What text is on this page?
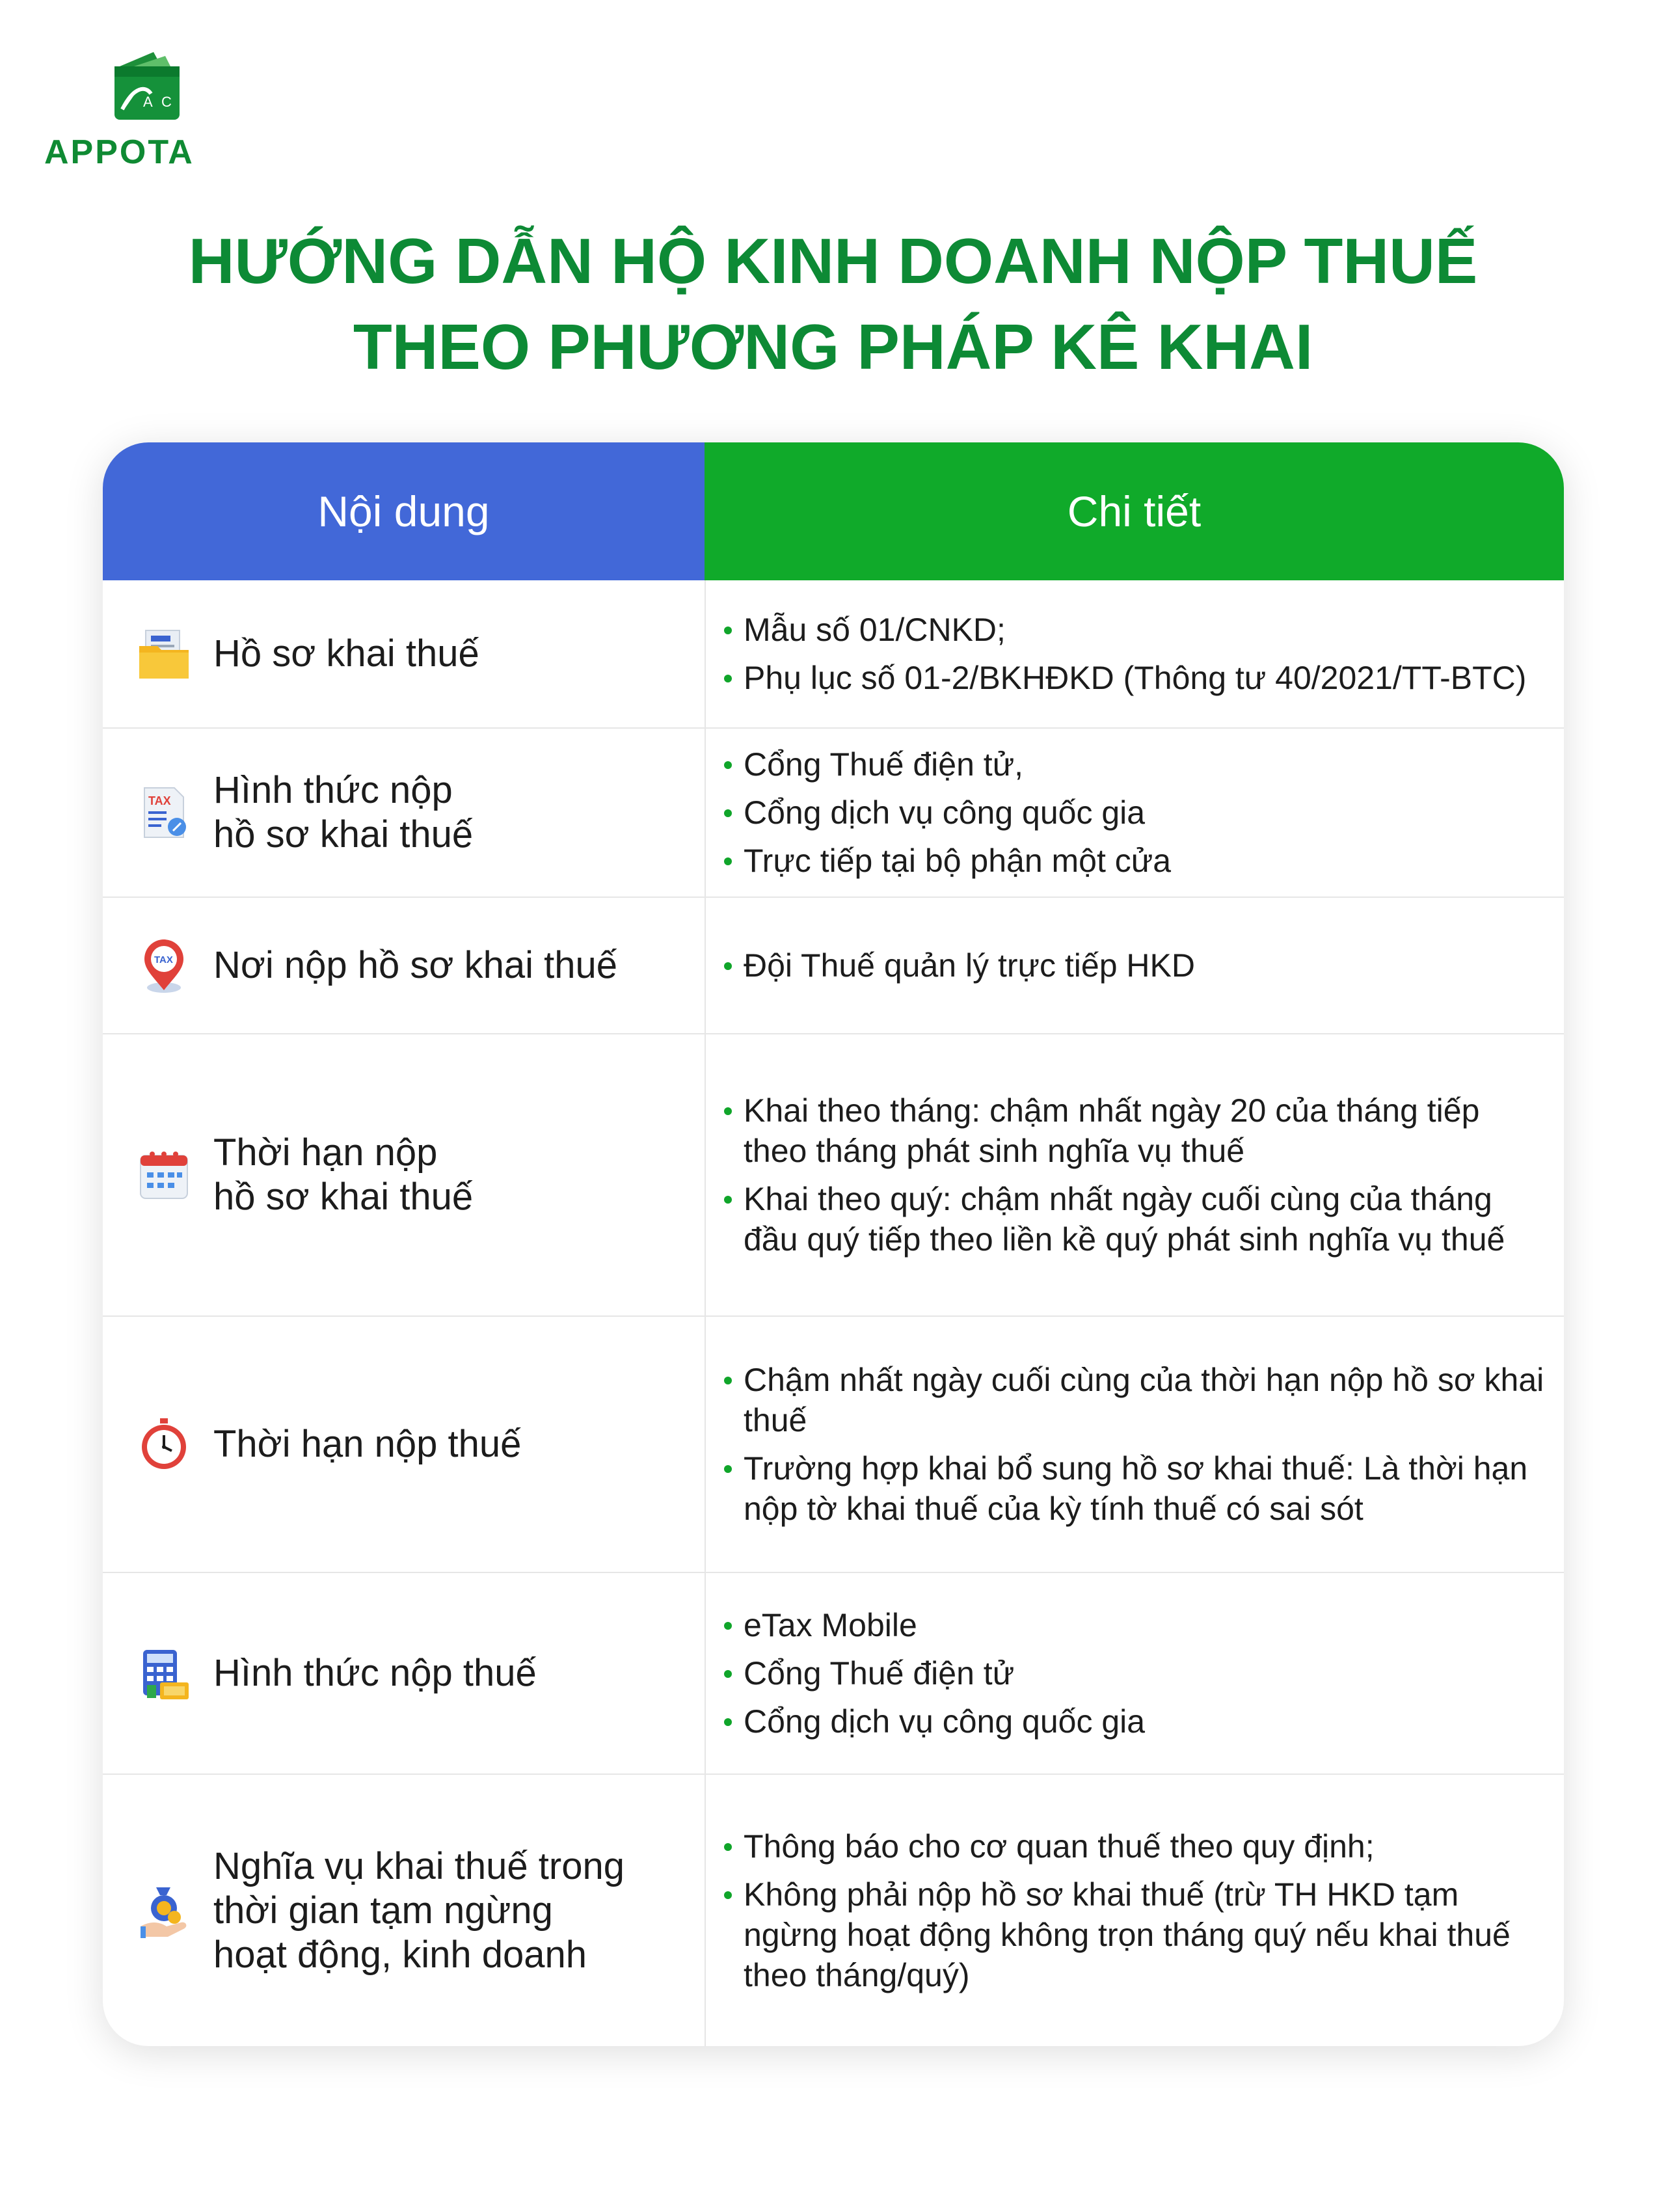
A C
APPOTA
HƯỚNG DẪN HỘ KINH DOANH NỘP THUẾ
THEO PHƯƠNG PHÁP KÊ KHAI
Nội dung	Chi tiết
Hồ sơ khai thuế
Mẫu số 01/CNKD;
Phụ lục số 01-2/BKHĐKD (Thông tư 40/2021/TT-BTC)
TAX Hình thức nộp
hồ sơ khai thuế
Cổng Thuế điện tử,
Cổng dịch vụ công quốc gia
Trực tiếp tại bộ phận một cửa
TAX Nơi nộp hồ sơ khai thuế	Đội Thuế quản lý trực tiếp HKD
Thời hạn nộp
hồ sơ khai thuế
Khai theo tháng: chậm nhất ngày 20 của tháng tiếp theo tháng phát sinh nghĩa vụ thuế
Khai theo quý: chậm nhất ngày cuối cùng của tháng đầu quý tiếp theo liền kề quý phát sinh nghĩa vụ thuế
Thời hạn nộp thuế
Chậm nhất ngày cuối cùng của thời hạn nộp hồ sơ khai thuế
Trường hợp khai bổ sung hồ sơ khai thuế: Là thời hạn nộp tờ khai thuế của kỳ tính thuế có sai sót
Hình thức nộp thuế
eTax Mobile
Cổng Thuế điện tử
Cổng dịch vụ công quốc gia
Nghĩa vụ khai thuế trong
thời gian tạm ngừng
hoạt động, kinh doanh
Thông báo cho cơ quan thuế theo quy định;
Không phải nộp hồ sơ khai thuế (trừ TH HKD tạm ngừng hoạt động không trọn tháng quý nếu khai thuế theo tháng/quý)
